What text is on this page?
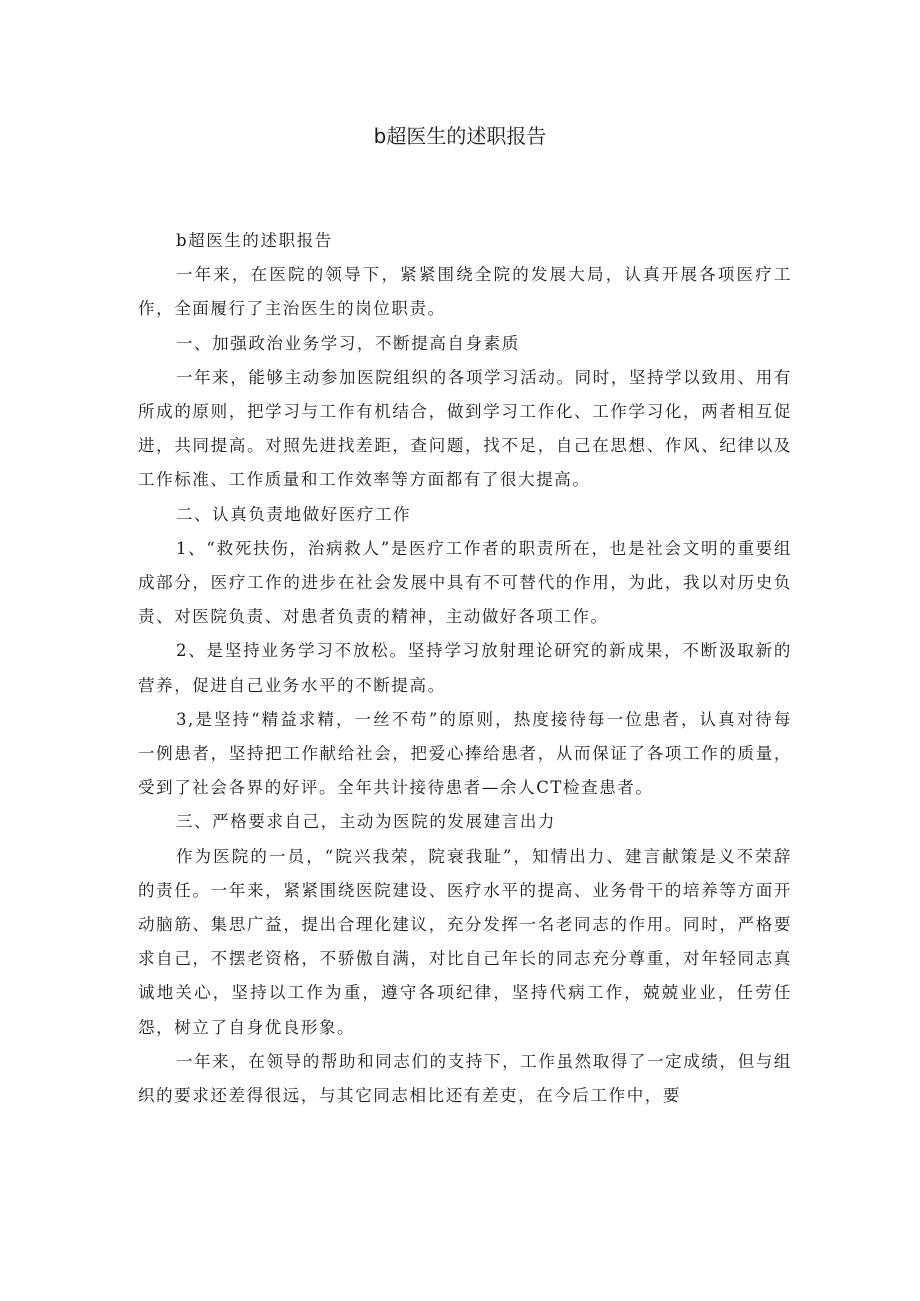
b超医生的述职报告

b超医生的述职报告

一年来，在医院的领导下，紧紧围绕全院的发展大局，认真开展各项医疗工作，全面履行了主治医生的岗位职责。

一、加强政治业务学习，不断提高自身素质

一年来，能够主动参加医院组织的各项学习活动。同时，坚持学以致用、用有所成的原则，把学习与工作有机结合，做到学习工作化、工作学习化，两者相互促进，共同提高。对照先进找差距，查问题，找不足，自己在思想、作风、纪律以及工作标准、工作质量和工作效率等方面都有了很大提高。

二、认真负责地做好医疗工作

1、“救死扶伤，治病救人”是医疗工作者的职责所在，也是社会文明的重要组成部分，医疗工作的进步在社会发展中具有不可替代的作用，为此，我以对历史负责、对医院负责、对患者负责的精神，主动做好各项工作。

2、是坚持业务学习不放松。坚持学习放射理论研究的新成果，不断汲取新的营养，促进自己业务水平的不断提高。

3,是坚持“精益求精，一丝不苟”的原则，热度接待每一位患者，认真对待每一例患者，坚持把工作献给社会，把爱心捧给患者，从而保证了各项工作的质量，受到了社会各界的好评。全年共计接待患者—余人CT检查患者。

三、严格要求自己，主动为医院的发展建言出力

作为医院的一员，“院兴我荣，院衰我耻”，知情出力、建言献策是义不荣辞的责任。一年来，紧紧围绕医院建设、医疗水平的提高、业务骨干的培养等方面开动脑筋、集思广益，提出合理化建议，充分发挥一名老同志的作用。同时，严格要求自己，不摆老资格，不骄傲自满，对比自己年长的同志充分尊重，对年轻同志真诚地关心，坚持以工作为重，遵守各项纪律，坚持代病工作，兢兢业业，任劳任怨，树立了自身优良形象。

一年来，在领导的帮助和同志们的支持下，工作虽然取得了一定成绩，但与组织的要求还差得很远，与其它同志相比还有差吏，在今后工作中，要
